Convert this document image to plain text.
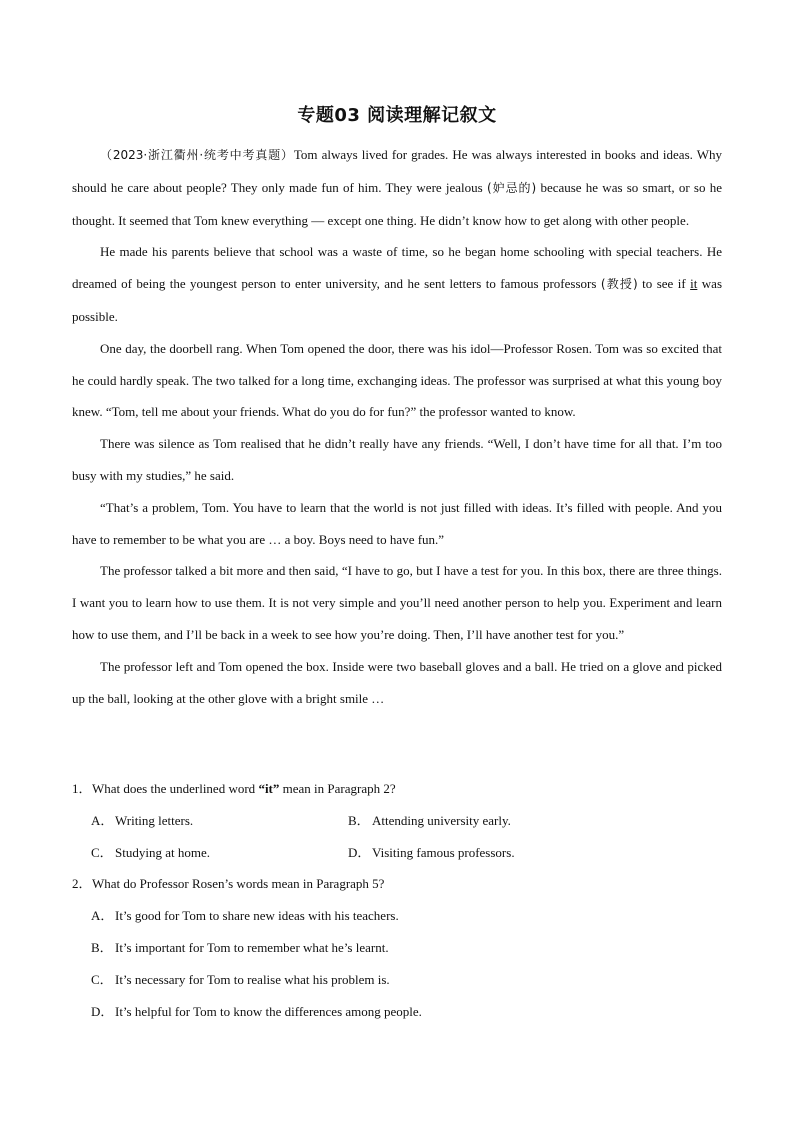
专题03 阅读理解记叙文

（2023·浙江衢州·统考中考真题）Tom always lived for grades. He was always interested in books and ideas. Why should he care about people? They only made fun of him. They were jealous (妒忌的) because he was so smart, or so he thought. It seemed that Tom knew everything — except one thing. He didn’t know how to get along with other people.

He made his parents believe that school was a waste of time, so he began home schooling with special teachers. He dreamed of being the youngest person to enter university, and he sent letters to famous professors (教授) to see if it was possible.

One day, the doorbell rang. When Tom opened the door, there was his idol—Professor Rosen. Tom was so excited that he could hardly speak. The two talked for a long time, exchanging ideas. The professor was surprised at what this young boy knew. “Tom, tell me about your friends. What do you do for fun?” the professor wanted to know.

There was silence as Tom realised that he didn’t really have any friends. “Well, I don’t have time for all that. I’m too busy with my studies,” he said.

“That’s a problem, Tom. You have to learn that the world is not just filled with ideas. It’s filled with people. And you have to remember to be what you are … a boy. Boys need to have fun.”

The professor talked a bit more and then said, “I have to go, but I have a test for you. In this box, there are three things. I want you to learn how to use them. It is not very simple and you’ll need another person to help you. Experiment and learn how to use them, and I’ll be back in a week to see how you’re doing. Then, I’ll have another test for you.”

The professor left and Tom opened the box. Inside were two baseball gloves and a ball. He tried on a glove and picked up the ball, looking at the other glove with a bright smile …

1．What does the underlined word “it” mean in Paragraph 2?

A． Writing letters.	B． Attending university early.
C． Studying at home.	D． Visiting famous professors.

2．What do Professor Rosen’s words mean in Paragraph 5?

A． It’s good for Tom to share new ideas with his teachers.
B． It’s important for Tom to remember what he’s learnt.
C． It’s necessary for Tom to realise what his problem is.
D． It’s helpful for Tom to know the differences among people.
